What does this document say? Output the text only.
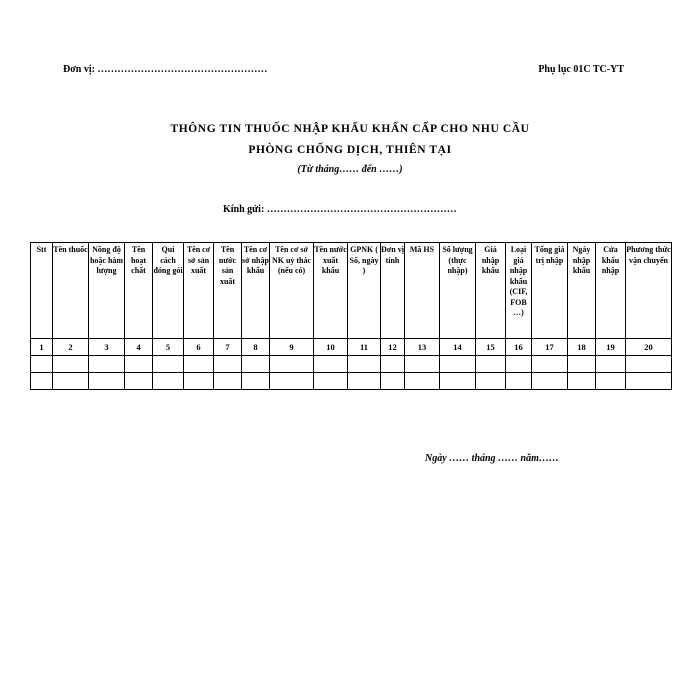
Đơn vị: ……………………………………………	Phụ lục 01C TC-YT
THÔNG TIN THUỐC NHẬP KHẨU KHẨN CẤP CHO NHU CẦU
PHÒNG CHỐNG DỊCH, THIÊN TẠI
(Từ tháng…… đến ……)
Kính gửi: …………………………………………………
Stt	Tên thuốc	Nồng độ hoặc hàm lượng	Tên hoạt chất	Qui cách đóng gói	Tên cơ sở sản xuất	Tên nước sản xuất	Tên cơ sở nhập khẩu	Tên cơ sở NK uỷ thác (nếu có)	Tên nước xuất khẩu	GPNK ( Số, ngày )	Đơn vị tính	Mã HS	Số lượng (thực nhập)	Giá nhập khẩu	Loại giá nhập khẩu (CIF, FOB …)	Tổng giá trị nhập	Ngày nhập khẩu	Cửa khẩu nhập	Phương thức vận chuyển
1	2	3	4	5	6	7	8	9	10	11	12	13	14	15	16	17	18	19	20

Ngày …… tháng …… năm……
